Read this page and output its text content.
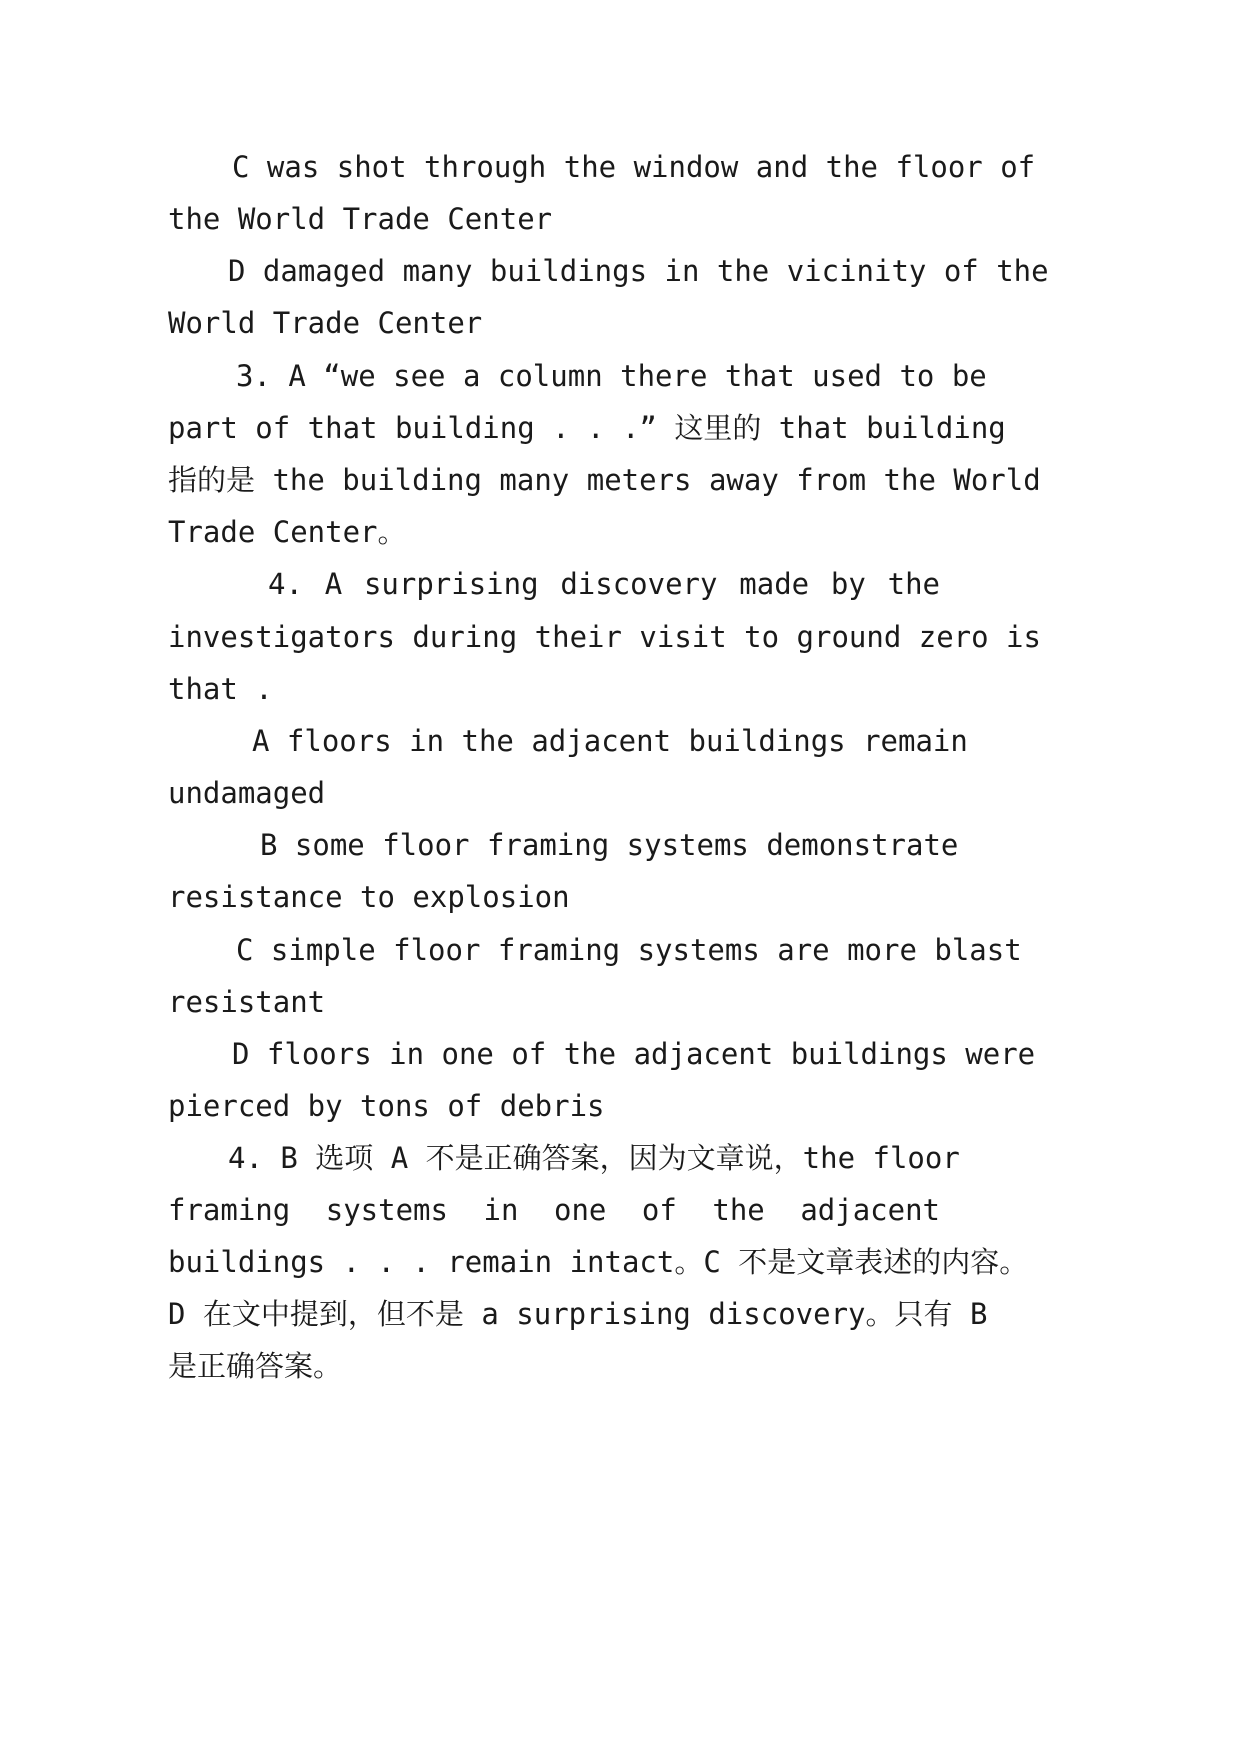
C was shot through the window and the floor of

the World Trade Center

D damaged many buildings in the vicinity of the

World Trade Center

3. A “we see a column there that used to be

part of that building . . .” 这里的 that building

指的是 the building many meters away from the World

Trade Center。

4. A surprising discovery made by the

investigators during their visit to ground zero is

that .

A floors in the adjacent buildings remain

undamaged

B some floor framing systems demonstrate

resistance to explosion

C simple floor framing systems are more blast

resistant

D floors in one of the adjacent buildings were

pierced by tons of debris

4. B 选项 A 不是正确答案，因为文章说，the floor

framing systems in one of the adjacent

buildings . . . remain intact。C 不是文章表述的内容。

D 在文中提到，但不是 a surprising discovery。只有 B

是正确答案。
